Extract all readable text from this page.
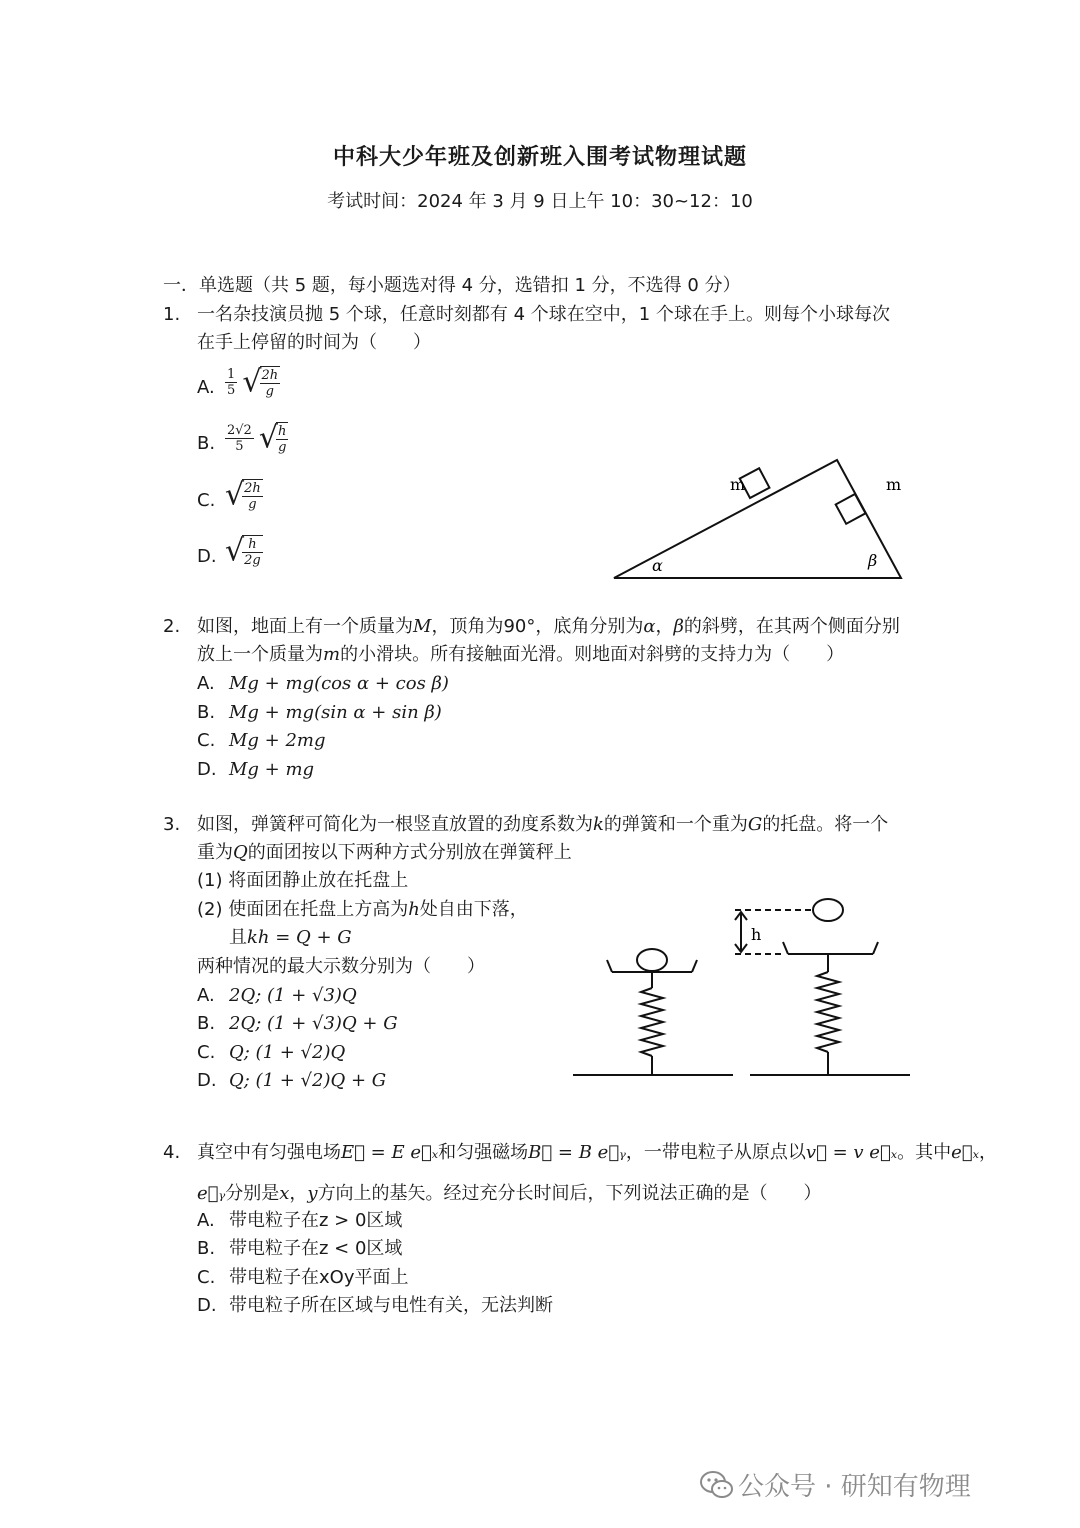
中科大少年班及创新班入围考试物理试题
考试时间：2024 年 3 月 9 日上午 10：30~12：10
一．单选题（共 5 题，每小题选对得 4 分，选错扣 1 分，不选得 0 分）
1. 一名杂技演员抛 5 个球，任意时刻都有 4 个球在空中，1 个球在手上。则每个小球每次
在手上停留的时间为（　　）
A. $\frac{1}{5}$ √
$\frac{2h}{g}$
B. $\frac{2√2}{5}$ √
$\frac{h}{g}$
C. √
$\frac{2h}{g}$
D. √
$\frac{h}{2g}$
m	m
α	β
2. 如图，地面上有一个质量为M，顶角为90°，底角分别为α，β的斜劈，在其两个侧面分别
放上一个质量为m的小滑块。所有接触面光滑。则地面对斜劈的支持力为（　　）
A. Mg + mg(cos α + cos β)
B. Mg + mg(sin α + sin β)
C. Mg + 2mg
D. Mg + mg
3. 如图，弹簧秤可简化为一根竖直放置的劲度系数为k的弹簧和一个重为G的托盘。将一个
重为Q的面团按以下两种方式分别放在弹簧秤上
(1) 将面团静止放在托盘上
(2) 使面团在托盘上方高为h处自由下落，
且kh = Q + G
两种情况的最大示数分别为（　　）
A. 2Q; (1 + √3)Q
B. 2Q; (1 + √3)Q + G
C. Q; (1 + √2)Q
D. Q; (1 + √2)Q + G
h
4. 真空中有匀强电场E⃗ = E e⃗ₓ和匀强磁场B⃗ = B e⃗ᵧ，一带电粒子从原点以v⃗ = v e⃗ₓ。其中e⃗ₓ，
e⃗ᵧ分别是x，y方向上的基矢。经过充分长时间后，下列说法正确的是（　　）
A. 带电粒子在z > 0区域
B. 带电粒子在z < 0区域
C. 带电粒子在xOy平面上
D. 带电粒子所在区域与电性有关，无法判断
公众号 · 研知有物理
